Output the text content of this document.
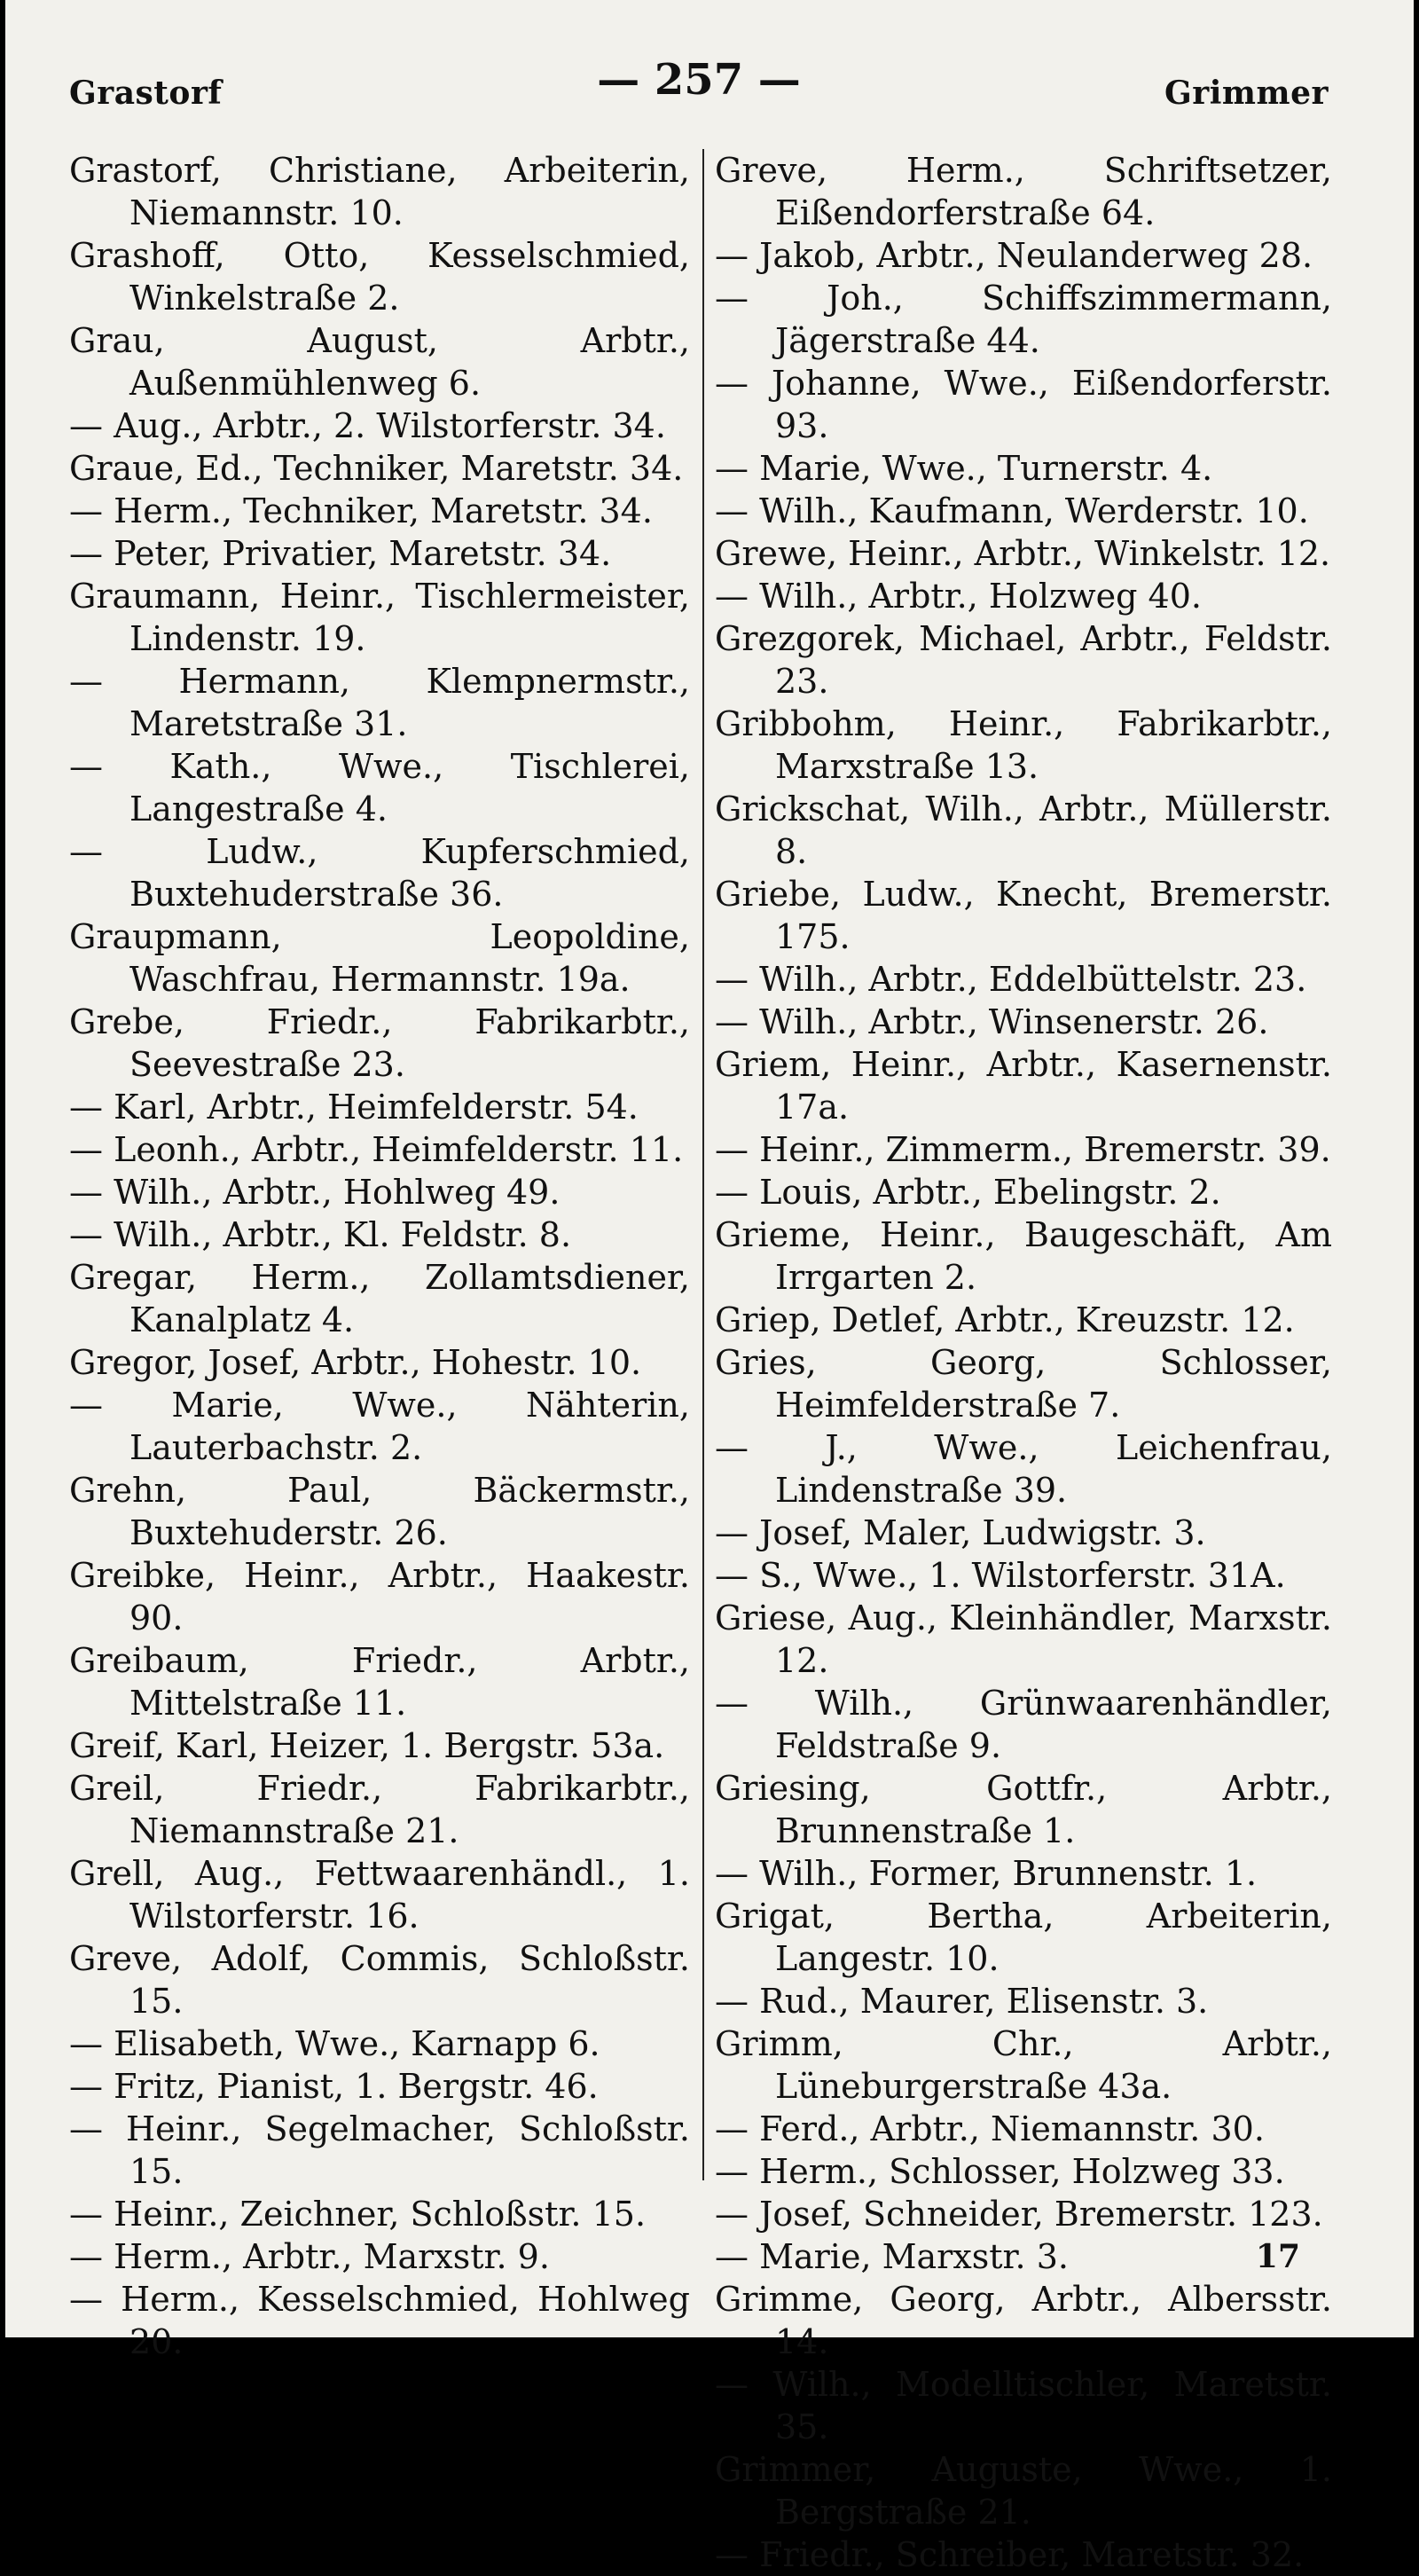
Grastorf	— 257 —	Grimmer
Grastorf, Christiane, Arbeiterin, Niemannstr. 10.
Grashoff, Otto, Kesselschmied, Winkelstraße 2.
Grau, August, Arbtr., Außenmühlenweg 6.
— Aug., Arbtr., 2. Wilstorferstr. 34.
Graue, Ed., Techniker, Maretstr. 34.
— Herm., Techniker, Maretstr. 34.
— Peter, Privatier, Maretstr. 34.
Graumann, Heinr., Tischlermeister, Lindenstr. 19.
— Hermann, Klempnermstr., Maretstraße 31.
— Kath., Wwe., Tischlerei, Langestraße 4.
— Ludw., Kupferschmied, Buxtehuderstraße 36.
Graupmann, Leopoldine, Waschfrau, Hermannstr. 19a.
Grebe, Friedr., Fabrikarbtr., Seevestraße 23.
— Karl, Arbtr., Heimfelderstr. 54.
— Leonh., Arbtr., Heimfelderstr. 11.
— Wilh., Arbtr., Hohlweg 49.
— Wilh., Arbtr., Kl. Feldstr. 8.
Gregar, Herm., Zollamtsdiener, Kanalplatz 4.
Gregor, Josef, Arbtr., Hohestr. 10.
— Marie, Wwe., Nähterin, Lauterbachstr. 2.
Grehn, Paul, Bäckermstr., Buxtehuderstr. 26.
Greibke, Heinr., Arbtr., Haakestr. 90.
Greibaum, Friedr., Arbtr., Mittelstraße 11.
Greif, Karl, Heizer, 1. Bergstr. 53a.
Greil, Friedr., Fabrikarbtr., Niemannstraße 21.
Grell, Aug., Fettwaarenhändl., 1. Wilstorferstr. 16.
Greve, Adolf, Commis, Schloßstr. 15.
— Elisabeth, Wwe., Karnapp 6.
— Fritz, Pianist, 1. Bergstr. 46.
— Heinr., Segelmacher, Schloßstr. 15.
— Heinr., Zeichner, Schloßstr. 15.
— Herm., Arbtr., Marxstr. 9.
— Herm., Kesselschmied, Hohlweg 20.
Greve, Herm., Schriftsetzer, Eißendorferstraße 64.
— Jakob, Arbtr., Neulanderweg 28.
— Joh., Schiffszimmermann, Jägerstraße 44.
— Johanne, Wwe., Eißendorferstr. 93.
— Marie, Wwe., Turnerstr. 4.
— Wilh., Kaufmann, Werderstr. 10.
Grewe, Heinr., Arbtr., Winkelstr. 12.
— Wilh., Arbtr., Holzweg 40.
Grezgorek, Michael, Arbtr., Feldstr. 23.
Gribbohm, Heinr., Fabrikarbtr., Marxstraße 13.
Grickschat, Wilh., Arbtr., Müllerstr. 8.
Griebe, Ludw., Knecht, Bremerstr. 175.
— Wilh., Arbtr., Eddelbüttelstr. 23.
— Wilh., Arbtr., Winsenerstr. 26.
Griem, Heinr., Arbtr., Kasernenstr. 17a.
— Heinr., Zimmerm., Bremerstr. 39.
— Louis, Arbtr., Ebelingstr. 2.
Grieme, Heinr., Baugeschäft, Am Irrgarten 2.
Griep, Detlef, Arbtr., Kreuzstr. 12.
Gries, Georg, Schlosser, Heimfelderstraße 7.
— J., Wwe., Leichenfrau, Lindenstraße 39.
— Josef, Maler, Ludwigstr. 3.
— S., Wwe., 1. Wilstorferstr. 31A.
Griese, Aug., Kleinhändler, Marxstr. 12.
— Wilh., Grünwaarenhändler, Feldstraße 9.
Griesing, Gottfr., Arbtr., Brunnenstraße 1.
— Wilh., Former, Brunnenstr. 1.
Grigat, Bertha, Arbeiterin, Langestr. 10.
— Rud., Maurer, Elisenstr. 3.
Grimm, Chr., Arbtr., Lüneburgerstraße 43a.
— Ferd., Arbtr., Niemannstr. 30.
— Herm., Schlosser, Holzweg 33.
— Josef, Schneider, Bremerstr. 123.
— Marie, Marxstr. 3.
Grimme, Georg, Arbtr., Albersstr. 14.
— Wilh., Modelltischler, Maretstr. 35.
Grimmer, Auguste, Wwe., 1. Bergstraße 21.
— Friedr., Schreiber, Maretstr. 32.
17
